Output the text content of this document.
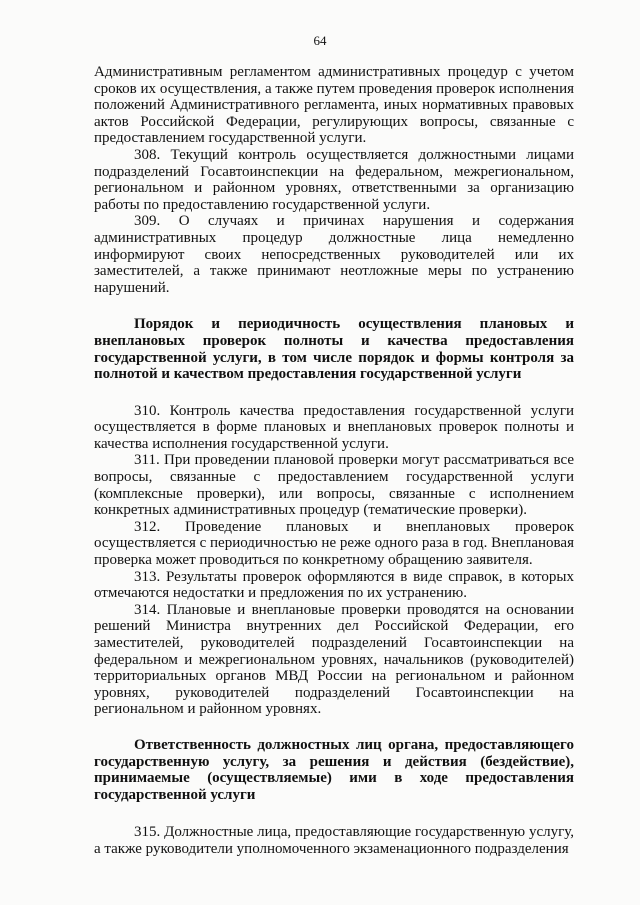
64

Административным регламентом административных процедур с учетом сроков их осуществления, а также путем проведения проверок исполнения положений Административного регламента, иных нормативных правовых актов Российской Федерации, регулирующих вопросы, связанные с предоставлением государственной услуги.

308. Текущий контроль осуществляется должностными лицами подразделений Госавтоинспекции на федеральном, межрегиональном, региональном и районном уровнях, ответственными за организацию работы по предоставлению государственной услуги.

309. О случаях и причинах нарушения и содержания административных процедур должностные лица немедленно информируют своих непосредственных руководителей или их заместителей, а также принимают неотложные меры по устранению нарушений.

Порядок и периодичность осуществления плановых и внеплановых проверок полноты и качества предоставления государственной услуги, в том числе порядок и формы контроля за полнотой и качеством предоставления государственной услуги

310. Контроль качества предоставления государственной услуги осуществляется в форме плановых и внеплановых проверок полноты и качества исполнения государственной услуги.

311. При проведении плановой проверки могут рассматриваться все вопросы, связанные с предоставлением государственной услуги (комплексные проверки), или вопросы, связанные с исполнением конкретных административных процедур (тематические проверки).

312. Проведение плановых и внеплановых проверок осуществляется с периодичностью не реже одного раза в год. Внеплановая проверка может проводиться по конкретному обращению заявителя.

313. Результаты проверок оформляются в виде справок, в которых отмечаются недостатки и предложения по их устранению.

314. Плановые и внеплановые проверки проводятся на основании решений Министра внутренних дел Российской Федерации, его заместителей, руководителей подразделений Госавтоинспекции на федеральном и межрегиональном уровнях, начальников (руководителей) территориальных органов МВД России на региональном и районном уровнях, руководителей подразделений Госавтоинспекции на региональном и районном уровнях.

Ответственность должностных лиц органа, предоставляющего государственную услугу, за решения и действия (бездействие), принимаемые (осуществляемые) ими в ходе предоставления государственной услуги

315. Должностные лица, предоставляющие государственную услугу, а также руководители уполномоченного экзаменационного подразделения
